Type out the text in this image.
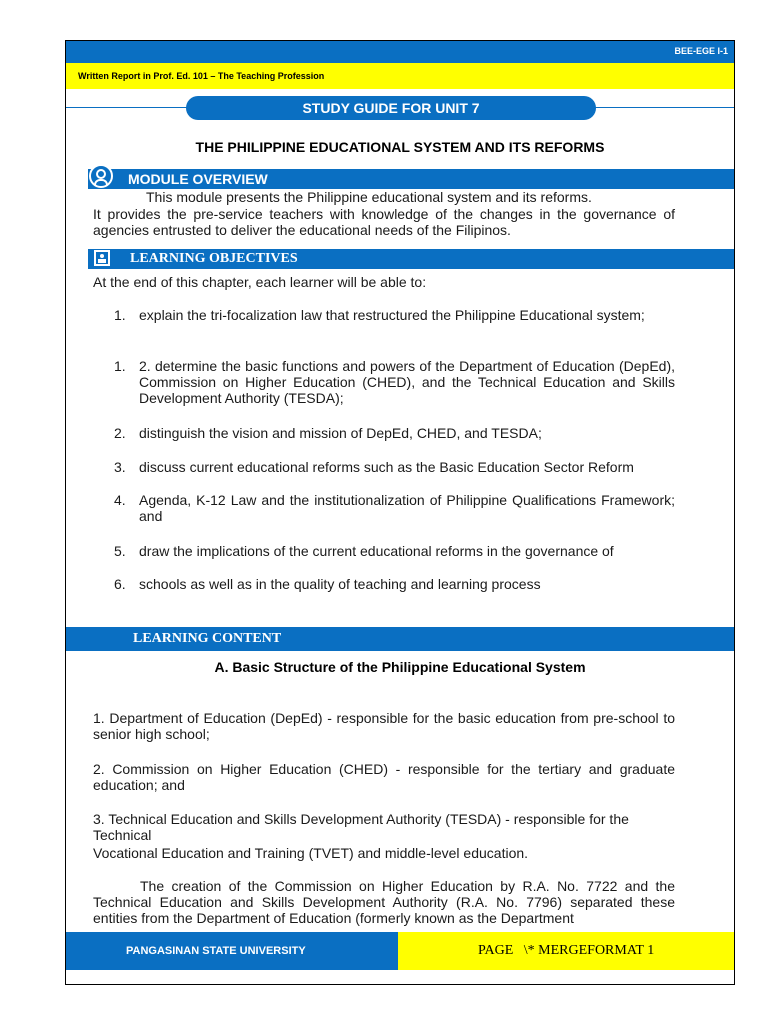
BEE-EGE I-1
Written Report in Prof. Ed. 101 – The Teaching Profession
STUDY GUIDE FOR UNIT 7
THE PHILIPPINE EDUCATIONAL SYSTEM AND ITS REFORMS
MODULE OVERVIEW
This module presents the Philippine educational system and its reforms.
It provides the pre-service teachers with knowledge of the changes in the governance of agencies entrusted to deliver the educational needs of the Filipinos.
LEARNING OBJECTIVES
At the end of this chapter, each learner will be able to:
1. explain the tri-focalization law that restructured the Philippine Educational system;
1. 2. determine the basic functions and powers of the Department of Education (DepEd), Commission on Higher Education (CHED), and the Technical Education and Skills Development Authority (TESDA);
2. distinguish the vision and mission of DepEd, CHED, and TESDA;
3. discuss current educational reforms such as the Basic Education Sector Reform
4. Agenda, K-12 Law and the institutionalization of Philippine Qualifications Framework; and
5. draw the implications of the current educational reforms in the governance of
6. schools as well as in the quality of teaching and learning process
LEARNING CONTENT
A. Basic Structure of the Philippine Educational System
1. Department of Education (DepEd) - responsible for the basic education from pre-school to senior high school;
2. Commission on Higher Education (CHED) - responsible for the tertiary and graduate education; and
3. Technical Education and Skills Development Authority (TESDA) - responsible for the Technical
Vocational Education and Training (TVET) and middle-level education.
The creation of the Commission on Higher Education by R.A. No. 7722 and the Technical Education and Skills Development Authority (R.A. No. 7796) separated these entities from the Department of Education (formerly known as the Department
PANGASINAN STATE UNIVERSITY	PAGE   \* MERGEFORMAT 1
